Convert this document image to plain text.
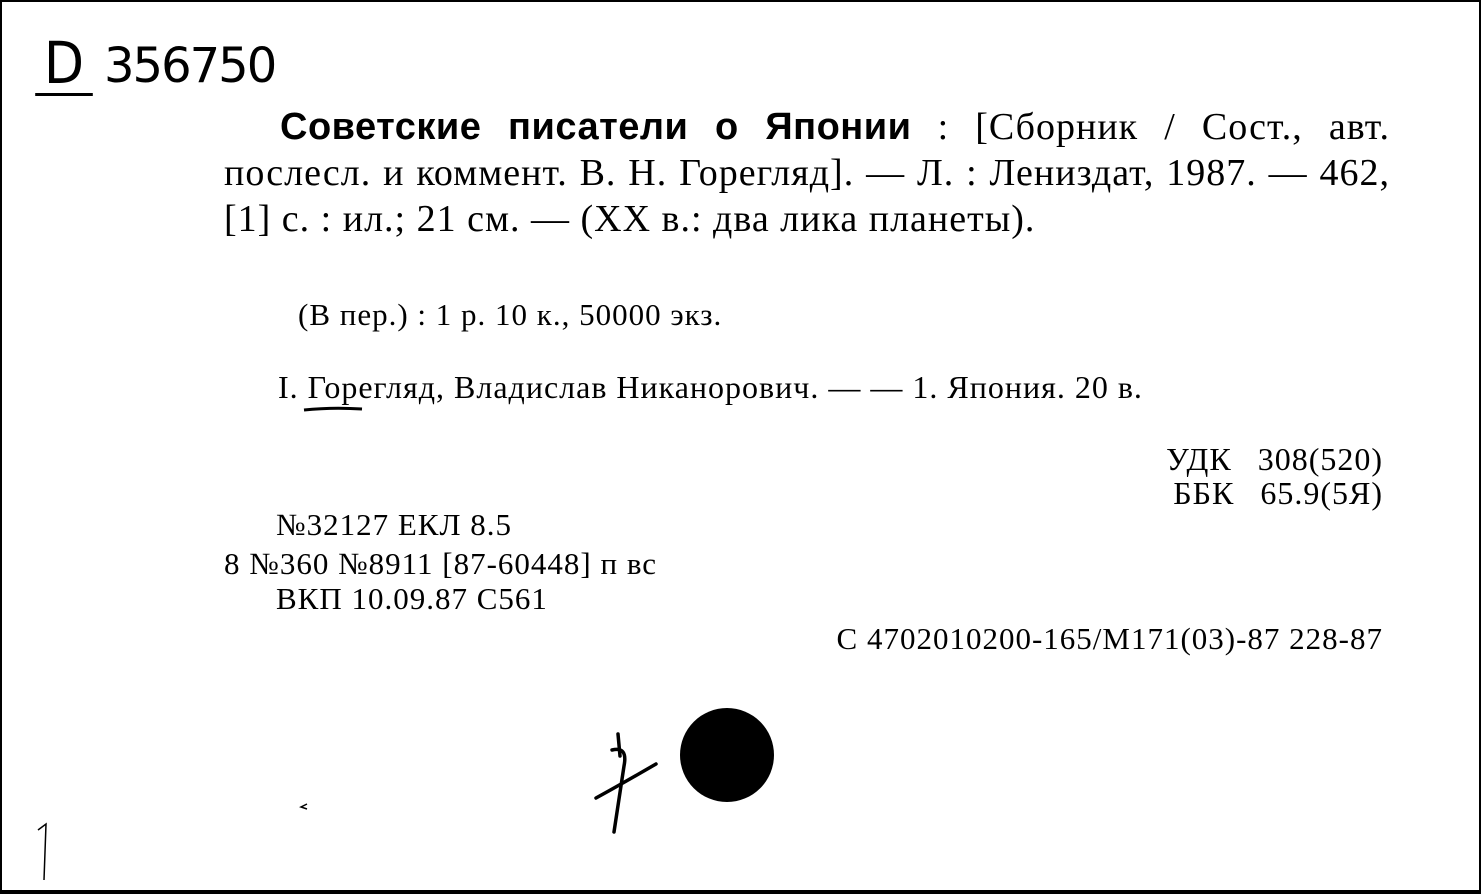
D 356750
Советские писатели о Японии : [Сборник / Сост., авт. послесл. и коммент. В. Н. Горегляд]. — Л. : Лениздат, 1987. — 462,[1] с. : ил.; 21 см. — (XX в.: два лика планеты).
(В пер.) : 1 р. 10 к., 50000 экз.
I. Горегляд, Владислав Никанорович. — — 1. Япония. 20 в.
УДК 308(520)
ББК 65.9(5Я)
№32127 ЕКЛ 8.5
8 №360 №8911 [87-60448] п вс
ВКП 10.09.87 С561
С 4702010200-165/М171(03)-87 228-87
